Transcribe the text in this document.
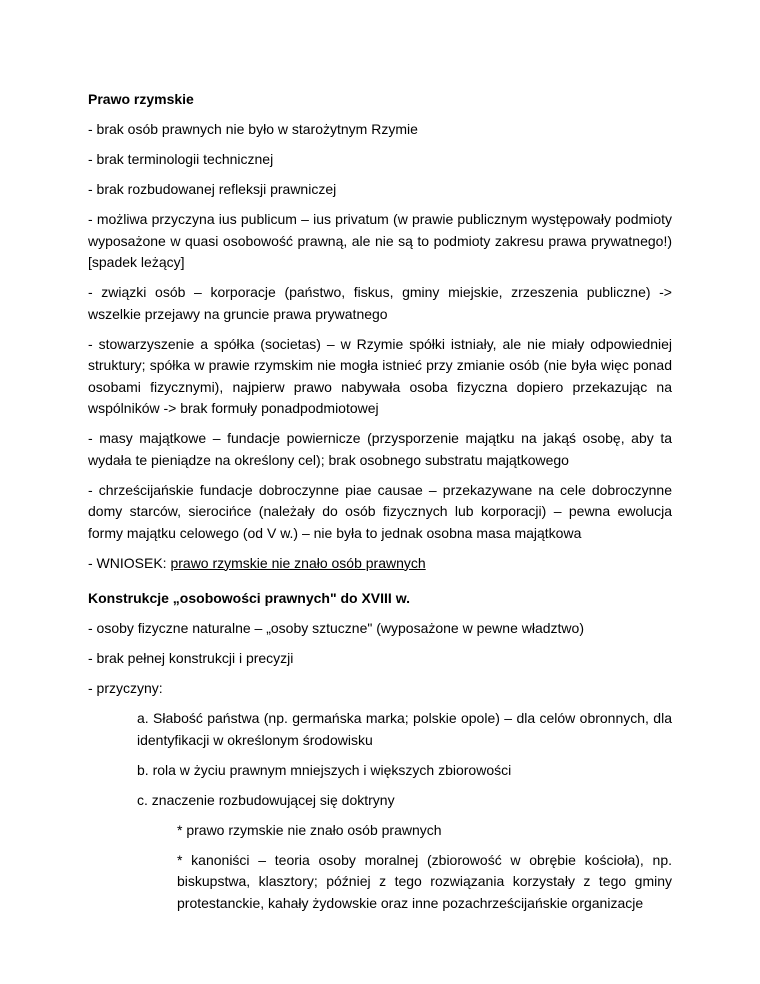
Prawo rzymskie

- brak osób prawnych nie było w starożytnym Rzymie

- brak terminologii technicznej

- brak rozbudowanej refleksji prawniczej

- możliwa przyczyna ius publicum – ius privatum (w prawie publicznym występowały podmioty wyposażone w quasi osobowość prawną, ale nie są to podmioty zakresu prawa prywatnego!) [spadek leżący]

- związki osób – korporacje (państwo, fiskus, gminy miejskie, zrzeszenia publiczne) -> wszelkie przejawy na gruncie prawa prywatnego

- stowarzyszenie a spółka (societas) – w Rzymie spółki istniały, ale nie miały odpowiedniej struktury; spółka w prawie rzymskim nie mogła istnieć przy zmianie osób (nie była więc ponad osobami fizycznymi), najpierw prawo nabywała osoba fizyczna dopiero przekazując na wspólników -> brak formuły ponadpodmiotowej

- masy majątkowe – fundacje powiernicze (przysporzenie majątku na jakąś osobę, aby ta wydała te pieniądze na określony cel); brak osobnego substratu majątkowego

- chrześcijańskie fundacje dobroczynne piae causae – przekazywane na cele dobroczynne domy starców, sierocińce (należały do osób fizycznych lub korporacji) – pewna ewolucja formy majątku celowego (od V w.) – nie była to jednak osobna masa majątkowa

- WNIOSEK: prawo rzymskie nie znało osób prawnych

Konstrukcje „osobowości prawnych" do XVIII w.

- osoby fizyczne naturalne – „osoby sztuczne" (wyposażone w pewne władztwo)

- brak pełnej konstrukcji i precyzji

- przyczyny:

a. Słabość państwa (np. germańska marka; polskie opole) – dla celów obronnych, dla identyfikacji w określonym środowisku

b. rola w życiu prawnym mniejszych i większych zbiorowości

c. znaczenie rozbudowującej się doktryny

* prawo rzymskie nie znało osób prawnych

* kanoniści – teoria osoby moralnej (zbiorowość w obrębie kościoła), np. biskupstwa, klasztory; później z tego rozwiązania korzystały z tego gminy protestanckie, kahały żydowskie oraz inne pozachrześcijańskie organizacje
